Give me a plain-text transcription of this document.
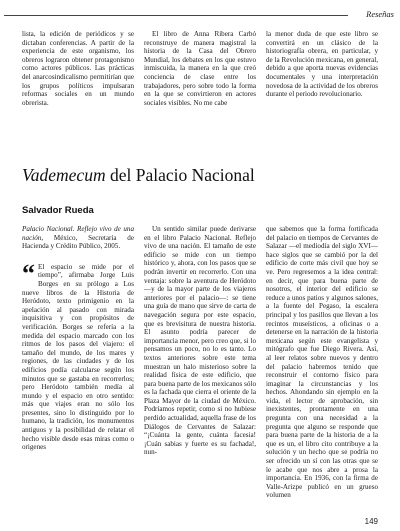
Reseñas

lista, la edición de periódicos y se dictaban conferencias. A partir de la experiencia de este organismo, los obreros lograron obtener protagonismo como actores públicos. Las prácticas del anarcosindicalismo permitirían que los grupos políticos impulsaran reformas sociales en un mundo obrerista.

El libro de Anna Ribera Carbó reconstruye de manera magistral la historia de la Casa del Obrero Mundial, los debates en los que estuvo inmiscuida, la manera en la que creó conciencia de clase entre los trabajadores, pero sobre todo la forma en la que se convirtieron en actores sociales visibles. No me cabe

la menor duda de que este libro se convertirá en un clásico de la historiografía obrera, en particular, y de la Revolución mexicana, en general, debido a que aporta nuevas evidencias documentales y una interpretación novedosa de la actividad de los obreros durante el periodo revolucionario.

Vademecum del Palacio Nacional
Salvador Rueda

Palacio Nacional. Reflejo vivo de una nación, México, Secretaría de Hacienda y Crédito Público, 2005.

“ El espacio se mide por el tiempo”, afirmaba Jorge Luis Borges en su prólogo a Los nueve libros de la Historia de Heródoto, texto primigenio en la apelación al pasado con mirada inquisitiva y con propósitos de verificación. Borges se refería a la medida del espacio marcado con los ritmos de los pasos del viajero: el tamaño del mundo, de los mares y regiones, de las ciudades y de los edificios podía calcularse según los minutos que se gastaba en recorrerlos; pero Heródoto también medía al mundo y el espacio en otro sentido: más que viajes eran no sólo los presentes, sino lo distinguido por lo humano, la tradición, los monumentos antiguos y la posibilidad de relatar el hecho visible desde esas miras como o origenes

Un sentido similar puede derivarse en el libro Palacio Nacional. Reflejo vivo de una nación. El tamaño de este edificio se mide con un tiempo histórico y, ahora, con los pasos que se podrán invertir en recorrerlo. Con una ventaja: sobre la aventura de Heródoto —y de la mayor parte de los viajeros anteriores por el palacio—: se tiene una guía de mano que sirve de carta de navegación segura por este espacio, que es brevisitura de nuestra historia. El asunto podría parecer de importancia menor, pero creo que, si lo pensamos un poco, no lo es tanto. Lo textos anteriores sobre este tema muestran un halo misterioso sobre la realidad física de este edificio, que para buena parte de los mexicanos sólo es la fachada que cierra el oriente de la Plaza Mayor de la ciudad de México. Podríamos repetir, como si no hubiese perdido actualidad, aquella frase de los Diálogos de Cervantes de Salazar: “¡Cuánta la gente, cuánta facesia! ¡Cuán sabias y fuerte es su fachada!, nun-

que sabemos que la forma fortificada del palacio en tiempos de Cervantes de Salazar —el mediodía del siglo XVI— hace siglos que se cambió por la del edificio de corte más civil que hoy se ve. Pero regresemos a la idea central: en decir, que para buena parte de nosotros, el interior del edificio se reduce a unos patios y algunos salones, a la fuente del Pegaso, la escalera principal y los pasillos que llevan a los recintos museísticos, a oficinas o a detenerse en la narración de la historia mexicana según este evangelista y mitógrafo que fue Diego Rivera. Así, al leer relatos sobre nuevos y dentro del palacio habremos tenido que reconstruir el contorno físico para imaginar la circunstancias y los hechos. Ahondando sin ejemplo en la vida, el lector de aprobación, sin inexistentes, prontamente en una pregunta con una necesidad a la pregunta que alguno se responde que para buena parte de la historia de a la que es un, el libro cito contribuye a la solución y un hecho que se podría no ser ofrecido un sí con las otras que se le acabe que nos abre a prosa la importancia. En 1936, con la firma de Valle-Arizpe publicó en un grueso volumen

149
